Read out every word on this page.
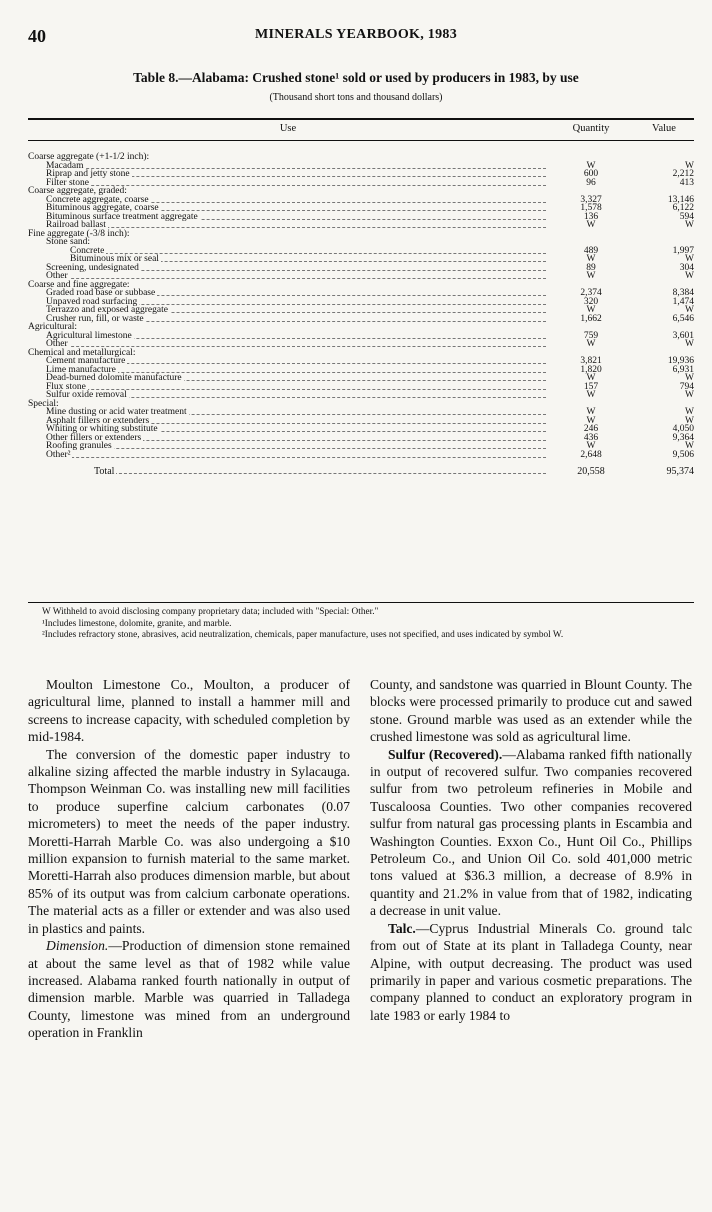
40	MINERALS YEARBOOK, 1983
Table 8.—Alabama: Crushed stone¹ sold or used by producers in 1983, by use
(Thousand short tons and thousand dollars)
Use	Quantity	Value
Coarse aggregate (+1-1/2 inch):
Macadam	W	W
Riprap and jetty stone	600	2,212
Filter stone	96	413
Coarse aggregate, graded:
Concrete aggregate, coarse	3,327	13,146
Bituminous aggregate, coarse	1,578	6,122
Bituminous surface treatment aggregate	136	594
Railroad ballast	W	W
Fine aggregate (-3/8 inch):
Stone sand:
Concrete	489	1,997
Bituminous mix or seal	W	W
Screening, undesignated	89	304
Other	W	W
Coarse and fine aggregate:
Graded road base or subbase	2,374	8,384
Unpaved road surfacing	320	1,474
Terrazzo and exposed aggregate	W	W
Crusher run, fill, or waste	1,662	6,546
Agricultural:
Agricultural limestone	759	3,601
Other	W	W
Chemical and metallurgical:
Cement manufacture	3,821	19,936
Lime manufacture	1,820	6,931
Dead-burned dolomite manufacture	W	W
Flux stone	157	794
Sulfur oxide removal	W	W
Special:
Mine dusting or acid water treatment	W	W
Asphalt fillers or extenders	W	W
Whiting or whiting substitute	246	4,050
Other fillers or extenders	436	9,364
Roofing granules	W	W
Other²	2,648	9,506
Total	20,558	95,374
W Withheld to avoid disclosing company proprietary data; included with "Special: Other."
¹Includes limestone, dolomite, granite, and marble.
²Includes refractory stone, abrasives, acid neutralization, chemicals, paper manufacture, uses not specified, and uses indicated by symbol W.

Moulton Limestone Co., Moulton, a producer of agricultural lime, planned to install a hammer mill and screens to increase capacity, with scheduled completion by mid-1984.

The conversion of the domestic paper industry to alkaline sizing affected the marble industry in Sylacauga. Thompson Weinman Co. was installing new mill facilities to produce superfine calcium carbonates (0.07 micrometers) to meet the needs of the paper industry. Moretti-Harrah Marble Co. was also undergoing a $10 million expansion to furnish material to the same market. Moretti-Harrah also produces dimension marble, but about 85% of its output was from calcium carbonate operations. The material acts as a filler or extender and was also used in plastics and paints.

Dimension.—Production of dimension stone remained at about the same level as that of 1982 while value increased. Alabama ranked fourth nationally in output of dimension marble. Marble was quarried in Talladega County, limestone was mined from an underground operation in Franklin

County, and sandstone was quarried in Blount County. The blocks were processed primarily to produce cut and sawed stone. Ground marble was used as an extender while the crushed limestone was sold as agricultural lime.

Sulfur (Recovered).—Alabama ranked fifth nationally in output of recovered sulfur. Two companies recovered sulfur from two petroleum refineries in Mobile and Tuscaloosa Counties. Two other companies recovered sulfur from natural gas processing plants in Escambia and Washington Counties. Exxon Co., Hunt Oil Co., Phillips Petroleum Co., and Union Oil Co. sold 401,000 metric tons valued at $36.3 million, a decrease of 8.9% in quantity and 21.2% in value from that of 1982, indicating a decrease in unit value.

Talc.—Cyprus Industrial Minerals Co. ground talc from out of State at its plant in Talladega County, near Alpine, with output decreasing. The product was used primarily in paper and various cosmetic preparations. The company planned to conduct an exploratory program in late 1983 or early 1984 to
